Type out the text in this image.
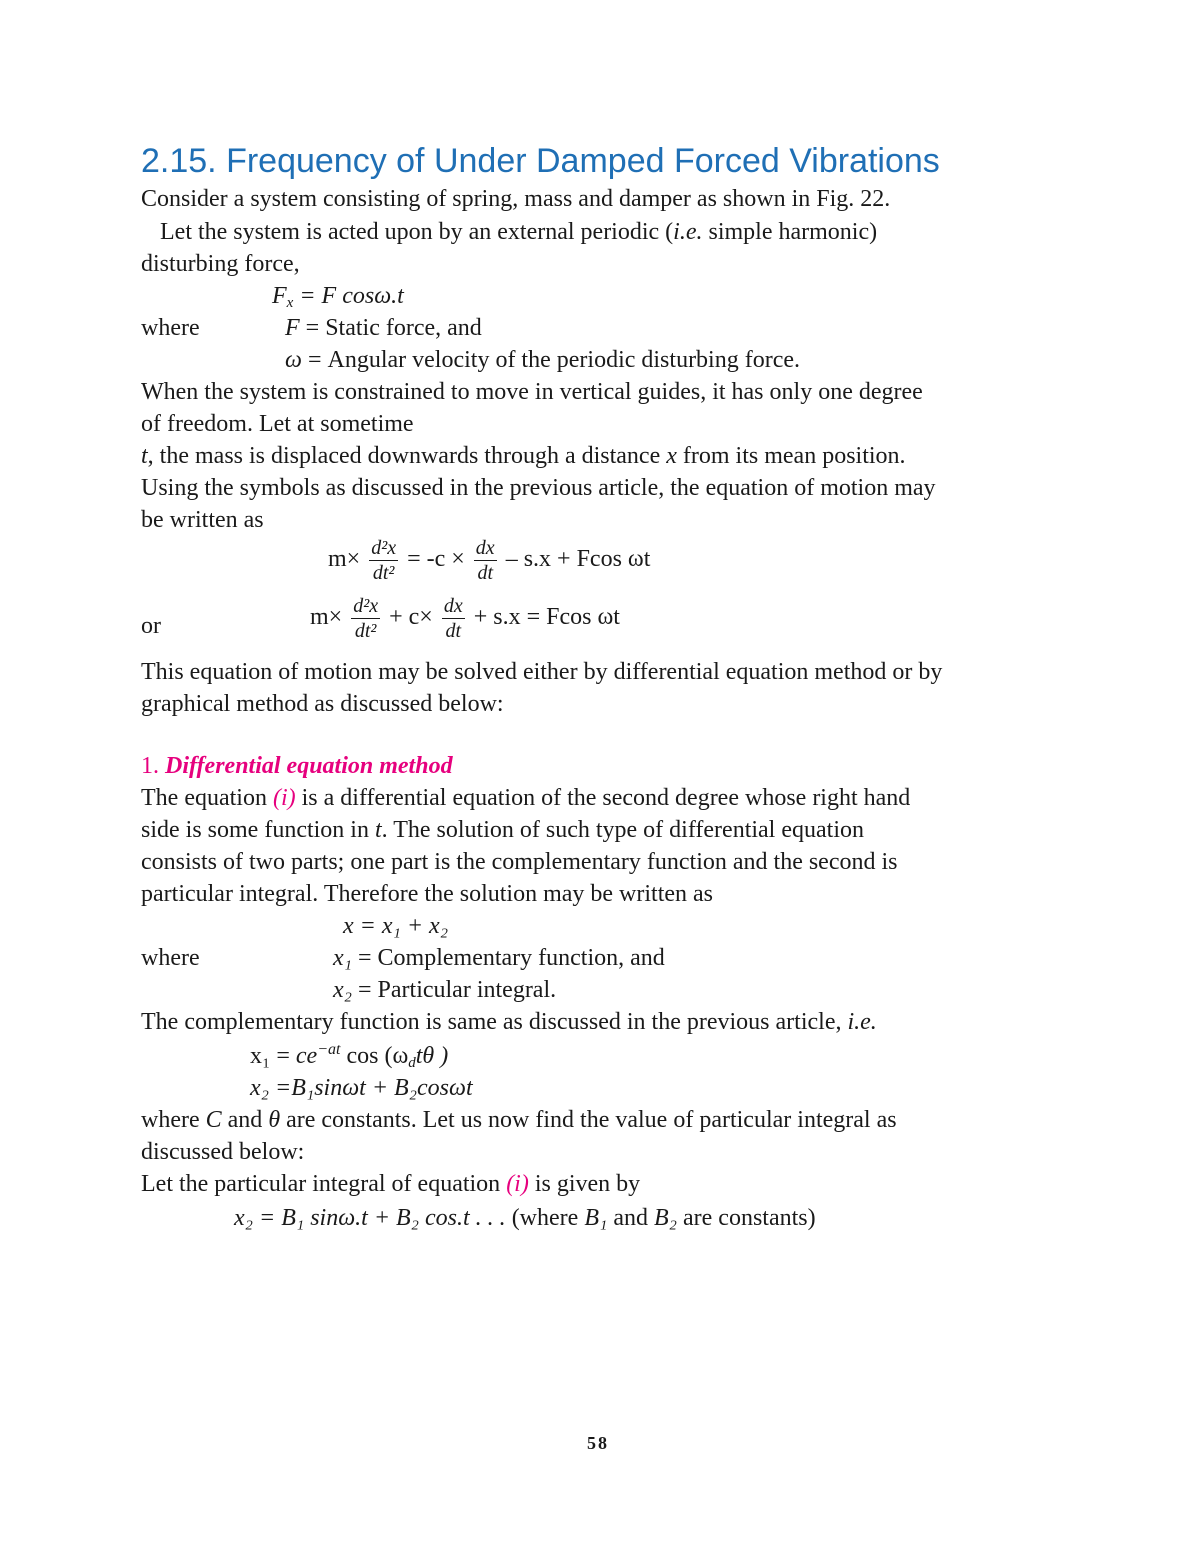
2.15. Frequency of Under Damped Forced Vibrations
Consider a system consisting of spring, mass and damper as shown in Fig. 22.
Let the system is acted upon by an external periodic (i.e. simple harmonic)
disturbing force,
$F_x = F$ cosω.t
where	F = Static force, and
ω = Angular velocity of the periodic disturbing force.
When the system is constrained to move in vertical guides, it has only one degree
of freedom. Let at sometime
t, the mass is displaced downwards through a distance x from its mean position.
Using the symbols as discussed in the previous article, the equation of motion may
be written as
$m\times \frac{\text{d²x}}{\text{dt²}} = -c \times \frac{dx}{dt} - s.x + Fcos$ ωt
or	$m\times \frac{\text{d²x}}{\text{dt²}} + c\times \frac{dx}{dt} + s.x = Fcos$ ωt
This equation of motion may be solved either by differential equation method or by
graphical method as discussed below:
1. Differential equation method
The equation (i) is a differential equation of the second degree whose right hand
side is some function in t. The solution of such type of differential equation
consists of two parts; one part is the complementary function and the second is
particular integral. Therefore the solution may be written as
x = x₁ + x₂
where	x₁ = Complementary function, and
x₂ = Particular integral.
The complementary function is same as discussed in the previous article, i.e.
$x_1 = ce^{-at}$ $\cos (\omega_dt\theta$ )
x₂ =B₁sinωt + B₂cosωt
where C and θ are constants. Let us now find the value of particular integral as
discussed below:
Let the particular integral of equation (i) is given by
x₂ = B₁ sinω.t + B₂ cos.t . . . (where B₁ and B₂ are constants)
58
